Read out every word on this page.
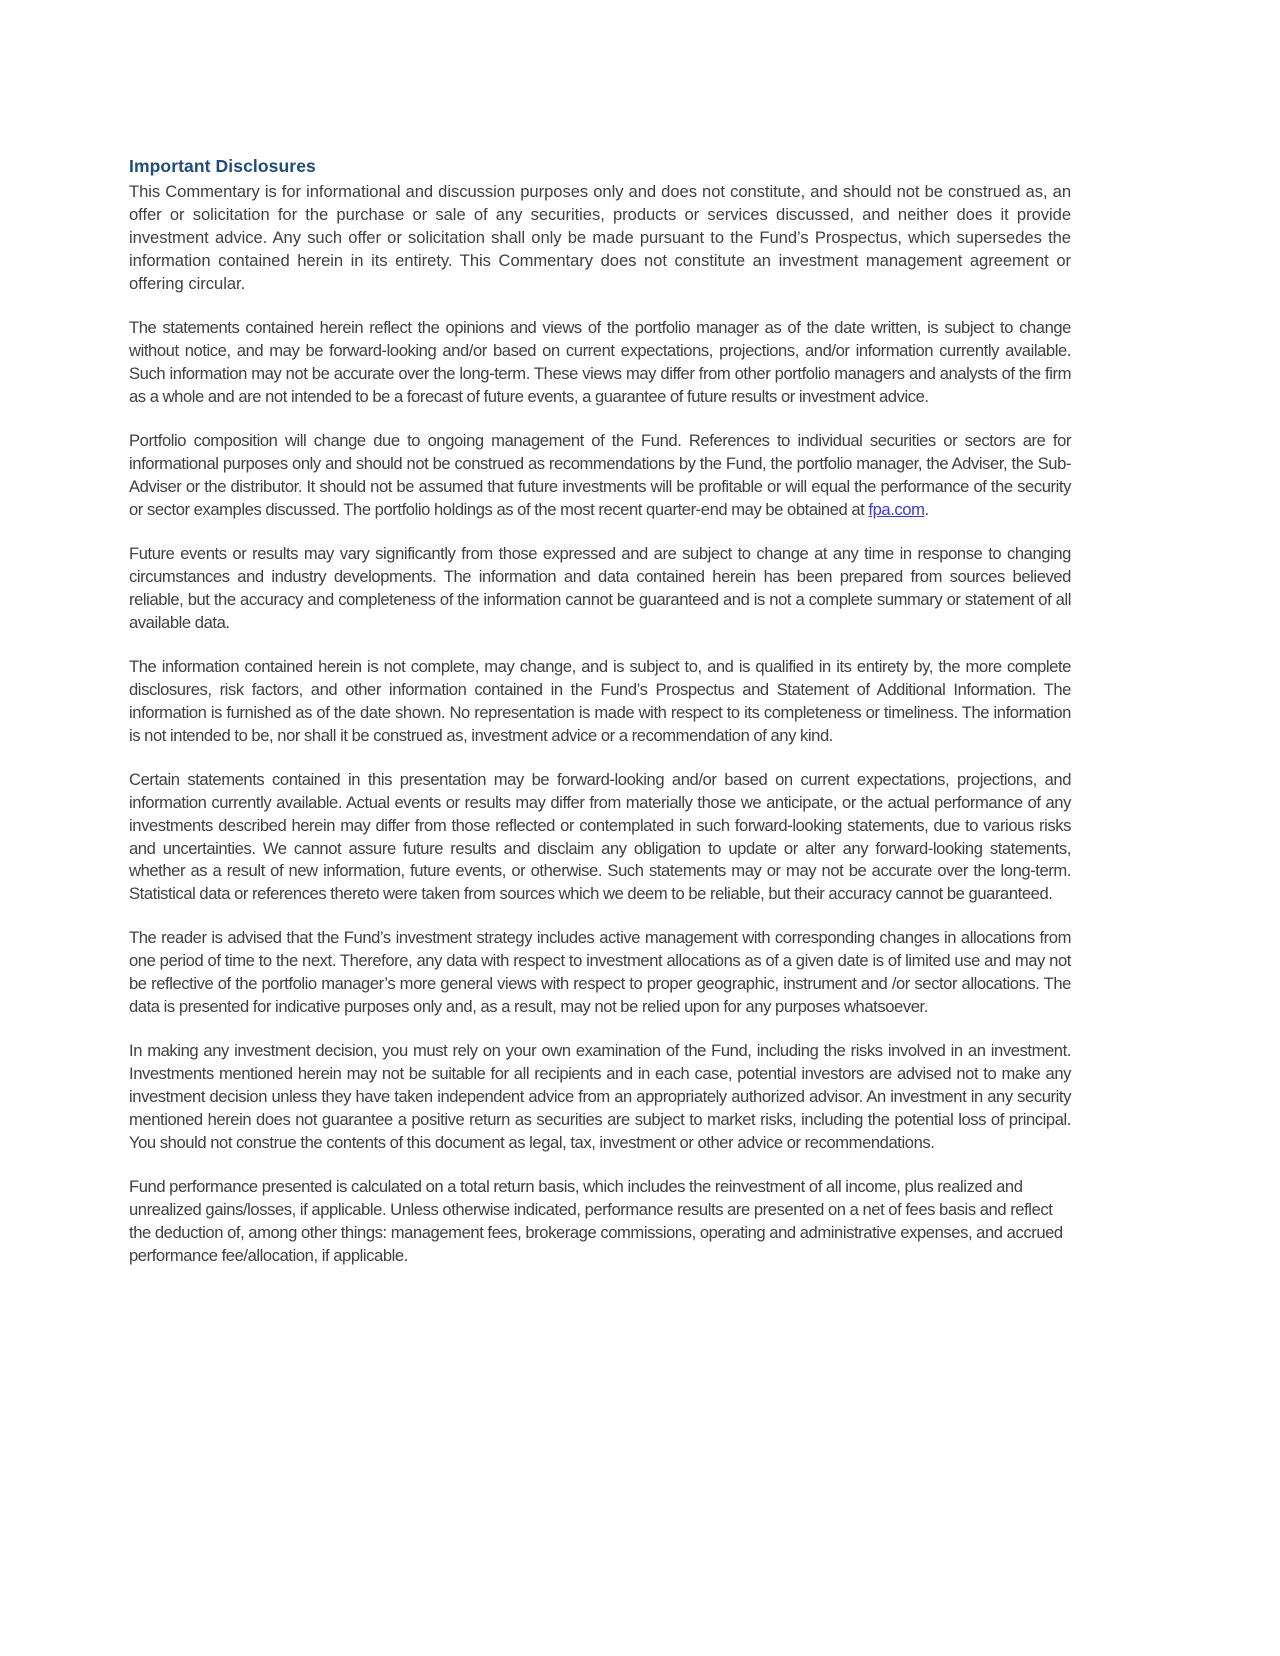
Important Disclosures

This Commentary is for informational and discussion purposes only and does not constitute, and should not be construed as, an offer or solicitation for the purchase or sale of any securities, products or services discussed, and neither does it provide investment advice. Any such offer or solicitation shall only be made pursuant to the Fund’s Prospectus, which supersedes the information contained herein in its entirety. This Commentary does not constitute an investment management agreement or offering circular.

The statements contained herein reflect the opinions and views of the portfolio manager as of the date written, is subject to change without notice, and may be forward-looking and/or based on current expectations, projections, and/or information currently available. Such information may not be accurate over the long-term. These views may differ from other portfolio managers and analysts of the firm as a whole and are not intended to be a forecast of future events, a guarantee of future results or investment advice.

Portfolio composition will change due to ongoing management of the Fund. References to individual securities or sectors are for informational purposes only and should not be construed as recommendations by the Fund, the portfolio manager, the Adviser, the Sub-Adviser or the distributor. It should not be assumed that future investments will be profitable or will equal the performance of the security or sector examples discussed. The portfolio holdings as of the most recent quarter-end may be obtained at fpa.com.

Future events or results may vary significantly from those expressed and are subject to change at any time in response to changing circumstances and industry developments. The information and data contained herein has been prepared from sources believed reliable, but the accuracy and completeness of the information cannot be guaranteed and is not a complete summary or statement of all available data.

The information contained herein is not complete, may change, and is subject to, and is qualified in its entirety by, the more complete disclosures, risk factors, and other information contained in the Fund’s Prospectus and Statement of Additional Information. The information is furnished as of the date shown. No representation is made with respect to its completeness or timeliness. The information is not intended to be, nor shall it be construed as, investment advice or a recommendation of any kind.

Certain statements contained in this presentation may be forward-looking and/or based on current expectations, projections, and information currently available. Actual events or results may differ from materially those we anticipate, or the actual performance of any investments described herein may differ from those reflected or contemplated in such forward-looking statements, due to various risks and uncertainties. We cannot assure future results and disclaim any obligation to update or alter any forward-looking statements, whether as a result of new information, future events, or otherwise. Such statements may or may not be accurate over the long-term. Statistical data or references thereto were taken from sources which we deem to be reliable, but their accuracy cannot be guaranteed.

The reader is advised that the Fund’s investment strategy includes active management with corresponding changes in allocations from one period of time to the next. Therefore, any data with respect to investment allocations as of a given date is of limited use and may not be reflective of the portfolio manager’s more general views with respect to proper geographic, instrument and /or sector allocations. The data is presented for indicative purposes only and, as a result, may not be relied upon for any purposes whatsoever.

In making any investment decision, you must rely on your own examination of the Fund, including the risks involved in an investment. Investments mentioned herein may not be suitable for all recipients and in each case, potential investors are advised not to make any investment decision unless they have taken independent advice from an appropriately authorized advisor. An investment in any security mentioned herein does not guarantee a positive return as securities are subject to market risks, including the potential loss of principal. You should not construe the contents of this document as legal, tax, investment or other advice or recommendations.

Fund performance presented is calculated on a total return basis, which includes the reinvestment of all income, plus realized and unrealized gains/losses, if applicable. Unless otherwise indicated, performance results are presented on a net of fees basis and reflect the deduction of, among other things: management fees, brokerage commissions, operating and administrative expenses, and accrued performance fee/allocation, if applicable.
